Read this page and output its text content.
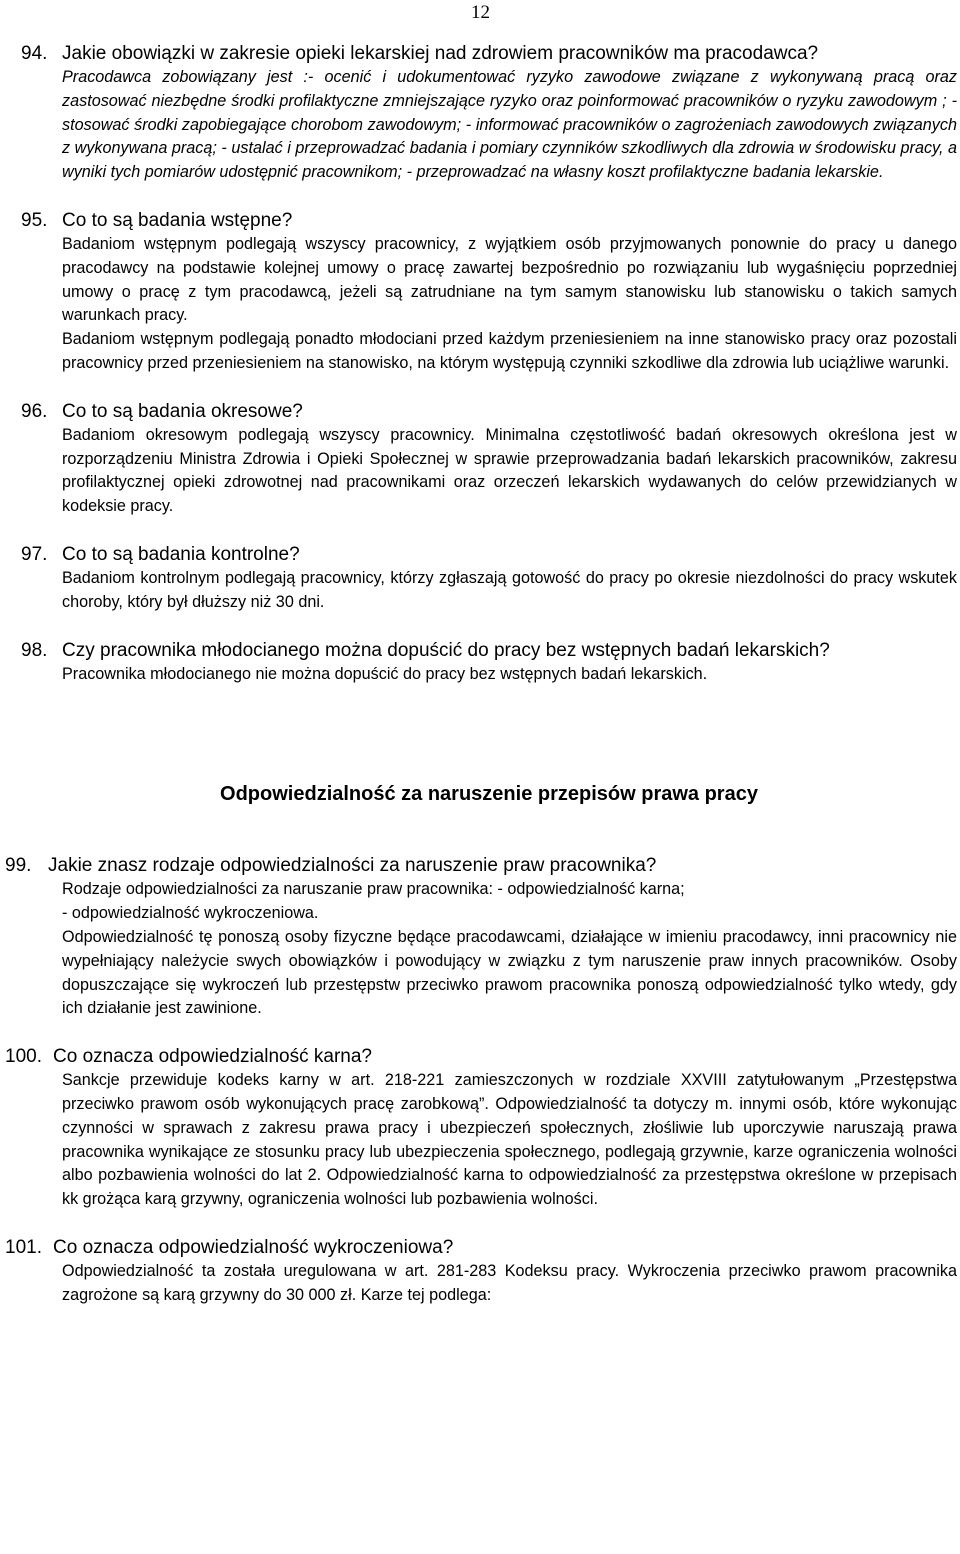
12
94. Jakie obowiązki w zakresie opieki lekarskiej nad zdrowiem pracowników ma pracodawca?

Pracodawca zobowiązany jest :- ocenić i udokumentować ryzyko zawodowe związane z wykonywaną pracą oraz zastosować niezbędne środki profilaktyczne zmniejszające ryzyko oraz poinformować pracowników o ryzyku zawodowym ; - stosować środki zapobiegające chorobom zawodowym; - informować pracowników o zagrożeniach zawodowych związanych z wykonywana pracą; - ustalać i przeprowadzać badania i pomiary czynników szkodliwych dla zdrowia w środowisku pracy, a wyniki tych pomiarów udostępnić pracownikom; - przeprowadzać na własny koszt profilaktyczne badania lekarskie.

95. Co to są badania wstępne?

Badaniom wstępnym podlegają wszyscy pracownicy, z wyjątkiem osób przyjmowanych ponownie do pracy u danego pracodawcy na podstawie kolejnej umowy o pracę zawartej bezpośrednio po rozwiązaniu lub wygaśnięciu poprzedniej umowy o pracę z tym pracodawcą, jeżeli są zatrudniane na tym samym stanowisku lub stanowisku o takich samych warunkach pracy.

Badaniom wstępnym podlegają ponadto młodociani przed każdym przeniesieniem na inne stanowisko pracy oraz pozostali pracownicy przed przeniesieniem na stanowisko, na którym występują czynniki szkodliwe dla zdrowia lub uciążliwe warunki.

96. Co to są badania okresowe?

Badaniom okresowym podlegają wszyscy pracownicy. Minimalna częstotliwość badań okresowych określona jest w rozporządzeniu Ministra Zdrowia i Opieki Społecznej w sprawie przeprowadzania badań lekarskich pracowników, zakresu profilaktycznej opieki zdrowotnej nad pracownikami oraz orzeczeń lekarskich wydawanych do celów przewidzianych w kodeksie pracy.

97. Co to są badania kontrolne?

Badaniom kontrolnym podlegają pracownicy, którzy zgłaszają gotowość do pracy po okresie niezdolności do pracy wskutek choroby, który był dłuższy niż 30 dni.

98. Czy pracownika młodocianego można dopuścić do pracy bez wstępnych badań lekarskich?

Pracownika młodocianego nie można dopuścić do pracy bez wstępnych badań lekarskich.

Odpowiedzialność za naruszenie przepisów prawa pracy
99. Jakie znasz rodzaje odpowiedzialności za naruszenie praw pracownika?

Rodzaje odpowiedzialności za naruszanie praw pracownika: - odpowiedzialność karna;

- odpowiedzialność wykroczeniowa.

Odpowiedzialność tę ponoszą osoby fizyczne będące pracodawcami, działające w imieniu pracodawcy, inni pracownicy nie wypełniający należycie swych obowiązków i powodujący w związku z tym naruszenie praw innych pracowników. Osoby dopuszczające się wykroczeń lub przestępstw przeciwko prawom pracownika ponoszą odpowiedzialność tylko wtedy, gdy ich działanie jest zawinione.

100. Co oznacza odpowiedzialność karna?

Sankcje przewiduje kodeks karny w art. 218-221 zamieszczonych w rozdziale XXVIII zatytułowanym „Przestępstwa przeciwko prawom osób wykonujących pracę zarobkową”. Odpowiedzialność ta dotyczy m. innymi osób, które wykonując czynności w sprawach z zakresu prawa pracy i ubezpieczeń społecznych, złośliwie lub uporczywie naruszają prawa pracownika wynikające ze stosunku pracy lub ubezpieczenia społecznego, podlegają grzywnie, karze ograniczenia wolności albo pozbawienia wolności do lat 2. Odpowiedzialność karna to odpowiedzialność za przestępstwa określone w przepisach kk grożąca karą grzywny, ograniczenia wolności lub pozbawienia wolności.

101. Co oznacza odpowiedzialność wykroczeniowa?

Odpowiedzialność ta została uregulowana w art. 281-283 Kodeksu pracy. Wykroczenia przeciwko prawom pracownika zagrożone są karą grzywny do 30 000 zł. Karze tej podlega:
